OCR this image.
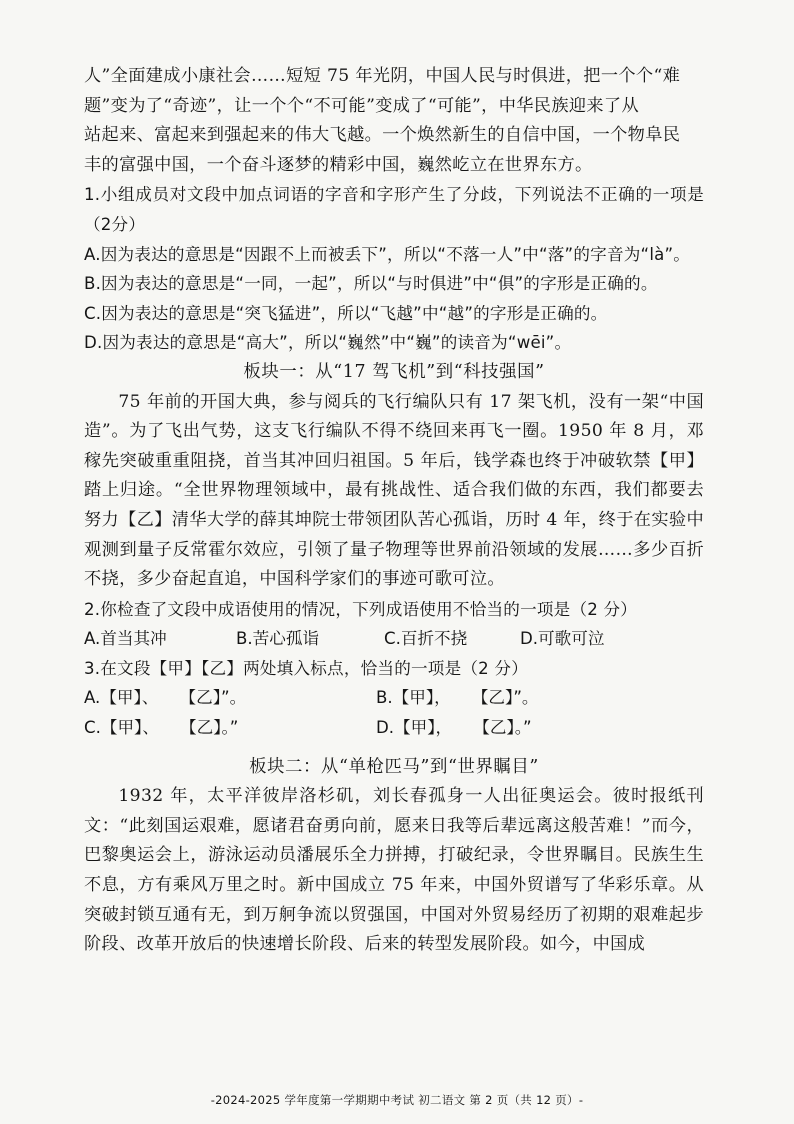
人”全面建成小康社会……短短 75 年光阴，中国人民与时俱进，把一个个“难

题”变为了“奇迹”，让一个个“不可能”变成了“可能”，中华民族迎来了从

站起来、富起来到强起来的伟大飞越。一个焕然新生的自信中国，一个物阜民

丰的富强中国，一个奋斗逐梦的精彩中国，巍然屹立在世界东方。

1.小组成员对文段中加点词语的字音和字形产生了分歧，下列说法不正确的一项是（2分）

A.因为表达的意思是“因跟不上而被丢下”，所以“不落一人”中“落”的字音为“là”。

B.因为表达的意思是“一同，一起”，所以“与时俱进”中“俱”的字形是正确的。

C.因为表达的意思是“突飞猛进”，所以“飞越”中“越”的字形是正确的。

D.因为表达的意思是“高大”，所以“巍然”中“巍”的读音为“wēi”。

板块一：从“17 驾飞机”到“科技强国”

75 年前的开国大典，参与阅兵的飞行编队只有 17 架飞机，没有一架“中国造”。为了飞出气势，这支飞行编队不得不绕回来再飞一圈。1950 年 8 月，邓稼先突破重重阻挠，首当其冲回归祖国。5 年后，钱学森也终于冲破软禁【甲】踏上归途。“全世界物理领域中，最有挑战性、适合我们做的东西，我们都要去努力【乙】清华大学的薛其坤院士带领团队苦心孤诣，历时 4 年，终于在实验中观测到量子反常霍尔效应，引领了量子物理等世界前沿领域的发展……多少百折不挠，多少奋起直追，中国科学家们的事迹可歌可泣。

2.你检查了文段中成语使用的情况，下列成语使用不恰当的一项是（2 分）

A.首当其冲	B.苦心孤诣	C.百折不挠	D.可歌可泣

3.在文段【甲】【乙】两处填入标点，恰当的一项是（2 分）

A.【甲】、    【乙】”。	B.【甲】，    【乙】”。
C.【甲】、    【乙】。”	D.【甲】，    【乙】。”

板块二：从“单枪匹马”到“世界瞩目”

1932 年，太平洋彼岸洛杉矶，刘长春孤身一人出征奥运会。彼时报纸刊文：“此刻国运艰难，愿诸君奋勇向前，愿来日我等后辈远离这般苦难！”而今，巴黎奥运会上，游泳运动员潘展乐全力拼搏，打破纪录，令世界瞩目。民族生生不息，方有乘风万里之时。新中国成立 75 年来，中国外贸谱写了华彩乐章。从突破封锁互通有无，到万舸争流以贸强国，中国对外贸易经历了初期的艰难起步阶段、改革开放后的快速增长阶段、后来的转型发展阶段。如今，中国成

-2024-2025 学年度第一学期期中考试 初二语文 第 2 页（共 12 页）-
